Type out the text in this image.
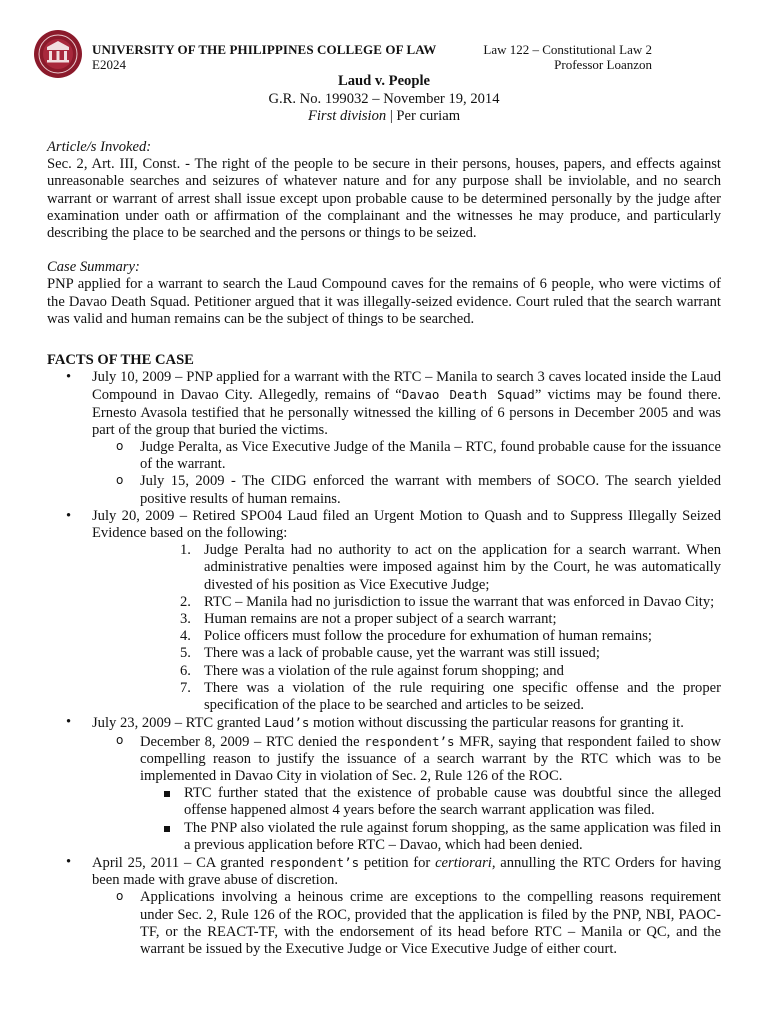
UNIVERSITY OF THE PHILIPPINES COLLEGE OF LAW
E2024
Law 122 – Constitutional Law 2
Professor Loanzon
Laud v. People
G.R. No. 199032 – November 19, 2014
First division | Per curiam
Article/s Invoked:

Sec. 2, Art. III, Const. - The right of the people to be secure in their persons, houses, papers, and effects against unreasonable searches and seizures of whatever nature and for any purpose shall be inviolable, and no search warrant or warrant of arrest shall issue except upon probable cause to be determined personally by the judge after examination under oath or affirmation of the complainant and the witnesses he may produce, and particularly describing the place to be searched and the persons or things to be seized.

Case Summary:

PNP applied for a warrant to search the Laud Compound caves for the remains of 6 people, who were victims of the Davao Death Squad. Petitioner argued that it was illegally-seized evidence. Court ruled that the search warrant was valid and human remains can be the subject of things to be searched.

FACTS OF THE CASE
• July 10, 2009 – PNP applied for a warrant with the RTC – Manila to search 3 caves located inside the Laud Compound in Davao City. Allegedly, remains of “Davao Death Squad” victims may be found there. Ernesto Avasola testified that he personally witnessed the killing of 6 persons in December 2005 and was part of the group that buried the victims.
o Judge Peralta, as Vice Executive Judge of the Manila – RTC, found probable cause for the issuance of the warrant.
o July 15, 2009 - The CIDG enforced the warrant with members of SOCO. The search yielded positive results of human remains.
• July 20, 2009 – Retired SPO04 Laud filed an Urgent Motion to Quash and to Suppress Illegally Seized Evidence based on the following:
1. Judge Peralta had no authority to act on the application for a search warrant. When administrative penalties were imposed against him by the Court, he was automatically divested of his position as Vice Executive Judge;
2. RTC – Manila had no jurisdiction to issue the warrant that was enforced in Davao City;
3. Human remains are not a proper subject of a search warrant;
4. Police officers must follow the procedure for exhumation of human remains;
5. There was a lack of probable cause, yet the warrant was still issued;
6. There was a violation of the rule against forum shopping; and
7. There was a violation of the rule requiring one specific offense and the proper specification of the place to be searched and articles to be seized.
• July 23, 2009 – RTC granted Laud’s motion without discussing the particular reasons for granting it.
o December 8, 2009 – RTC denied the respondent’s MFR, saying that respondent failed to show compelling reason to justify the issuance of a search warrant by the RTC which was to be implemented in Davao City in violation of Sec. 2, Rule 126 of the ROC.
RTC further stated that the existence of probable cause was doubtful since the alleged offense happened almost 4 years before the search warrant application was filed.
The PNP also violated the rule against forum shopping, as the same application was filed in a previous application before RTC – Davao, which had been denied.
• April 25, 2011 – CA granted respondent’s petition for certiorari, annulling the RTC Orders for having been made with grave abuse of discretion.
o Applications involving a heinous crime are exceptions to the compelling reasons requirement under Sec. 2, Rule 126 of the ROC, provided that the application is filed by the PNP, NBI, PAOC-TF, or the REACT-TF, with the endorsement of its head before RTC – Manila or QC, and the warrant be issued by the Executive Judge or Vice Executive Judge of either court.
